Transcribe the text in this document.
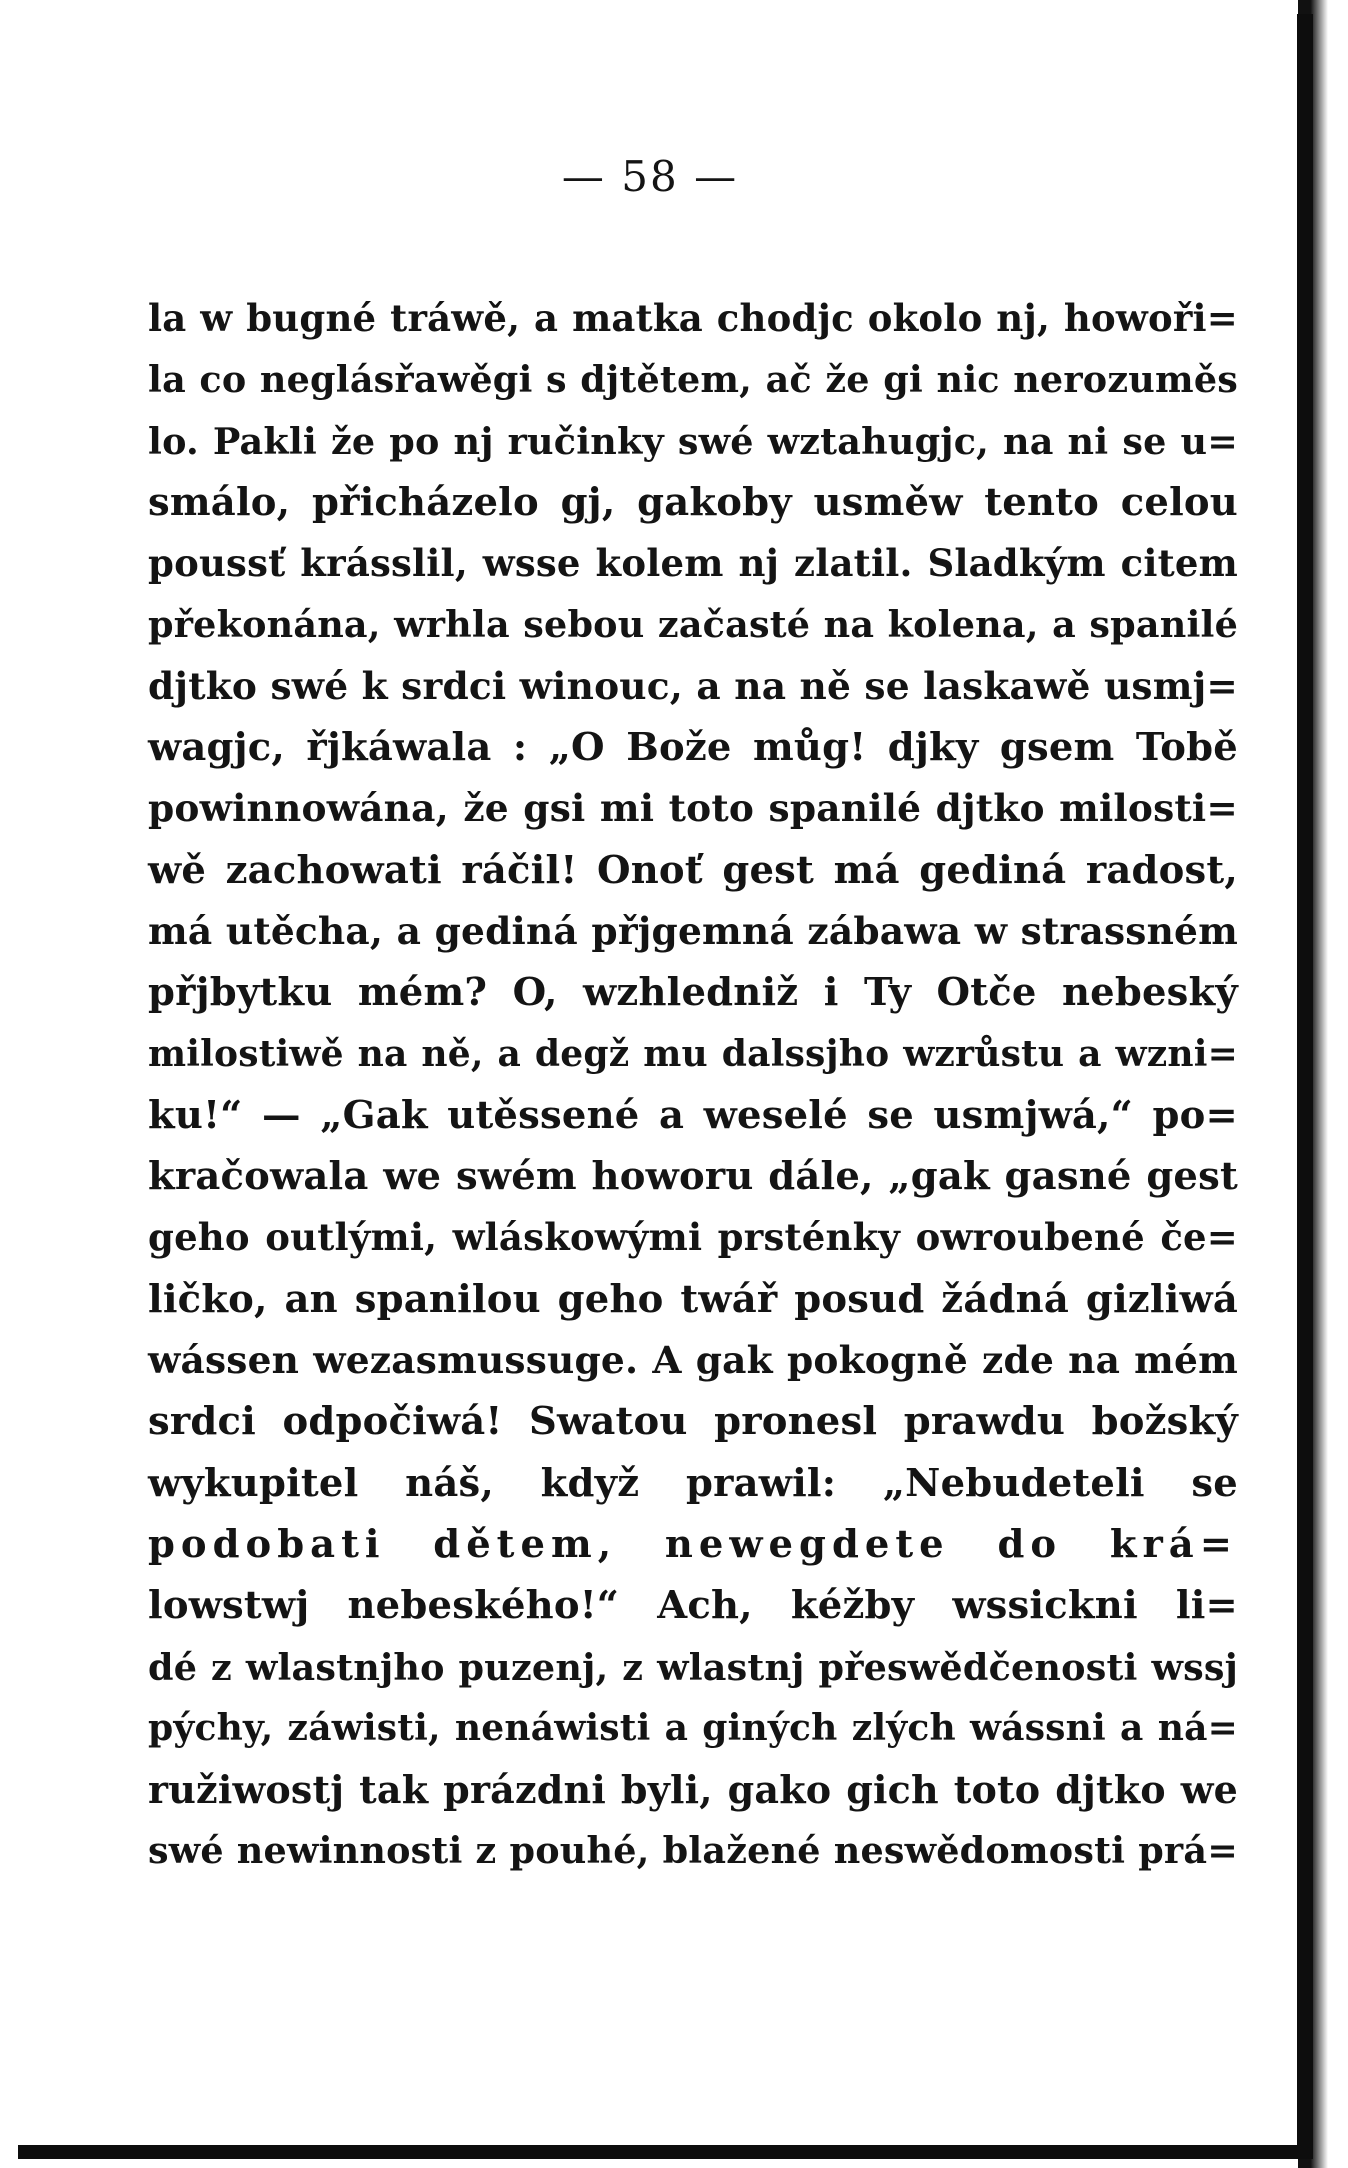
— 58 —
la w bugné tráwě, a matka chodjc okolo nj, howoři=
la co neglásřawěgi s djtětem, ač že gi nic nerozuměs
lo. Pakli že po nj ručinky swé wztahugjc, na ni se u=
smálo, přicházelo gj, gakoby usměw tento celou
poussť krásslil, wsse kolem nj zlatil. Sladkým citem
překonána, wrhla sebou začasté na kolena, a spanilé
djtko swé k srdci winouc, a na ně se laskawě usmj=
wagjc, řjkáwala : „O Bože můg! djky gsem Tobě
powinnowána, že gsi mi toto spanilé djtko milosti=
wě zachowati ráčil! Onoť gest má gediná radost,
má utěcha, a gediná přjgemná zábawa w strassném
přjbytku mém? O, wzhledniž i Ty Otče nebeský
milostiwě na ně, a degž mu dalssjho wzrůstu a wzni=
ku!“ — „Gak utěssené a weselé se usmjwá,“ po=
kračowala we swém howoru dále, „gak gasné gest
geho outlými, wláskowými prsténky owroubené če=
ličko, an spanilou geho twář posud žádná gizliwá
wássen wezasmussuge. A gak pokogně zde na mém
srdci odpočiwá! Swatou pronesl prawdu božský
wykupitel náš, když prawil: „Nebudeteli se
podobati dětem, newegdete do krá=
lowstwj nebeského!“ Ach, kéžby wssickni li=
dé z wlastnjho puzenj, z wlastnj přeswědčenosti wssj
pýchy, záwisti, nenáwisti a giných zlých wássni a ná=
ružiwostj tak prázdni byli, gako gich toto djtko we
swé newinnosti z pouhé, blažené neswědomosti prá=
